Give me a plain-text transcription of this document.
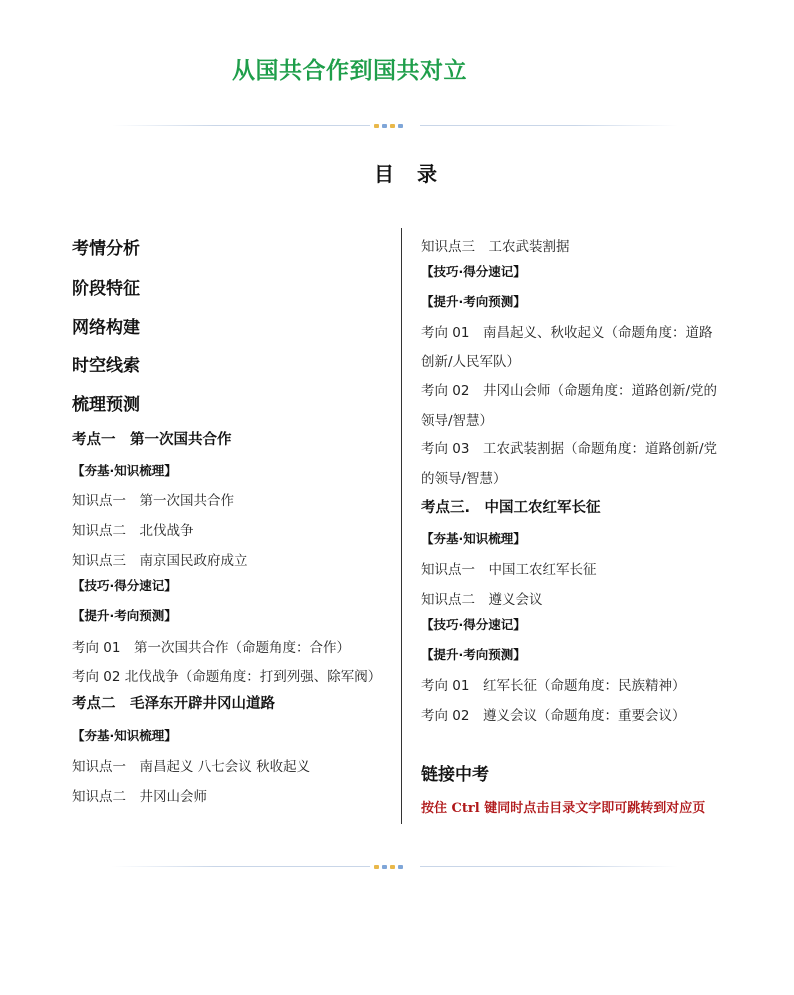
从国共合作到国共对立
目 录
考情分析
阶段特征
网络构建
时空线索
梳理预测
考点一　第一次国共合作
【夯基·知识梳理】
知识点一　第一次国共合作
知识点二　北伐战争
知识点三　南京国民政府成立
【技巧·得分速记】
【提升·考向预测】
考向 01　第一次国共合作（命题角度：合作）
考向 02 北伐战争（命题角度：打到列强、除军阀）
考点二　毛泽东开辟井冈山道路
【夯基·知识梳理】
知识点一　南昌起义 八七会议 秋收起义
知识点二　井冈山会师
知识点三　工农武装割据
【技巧·得分速记】
【提升·考向预测】
考向 01　南昌起义、秋收起义（命题角度：道路
创新/人民军队）
考向 02　井冈山会师（命题角度：道路创新/党的
领导/智慧）
考向 03　工农武装割据（命题角度：道路创新/党
的领导/智慧）
考点三.　中国工农红军长征
【夯基·知识梳理】
知识点一　中国工农红军长征
知识点二　遵义会议
【技巧·得分速记】
【提升·考向预测】
考向 01　红军长征（命题角度：民族精神）
考向 02　遵义会议（命题角度：重要会议）
链接中考
按住 Ctrl 键同时点击目录文字即可跳转到对应页
